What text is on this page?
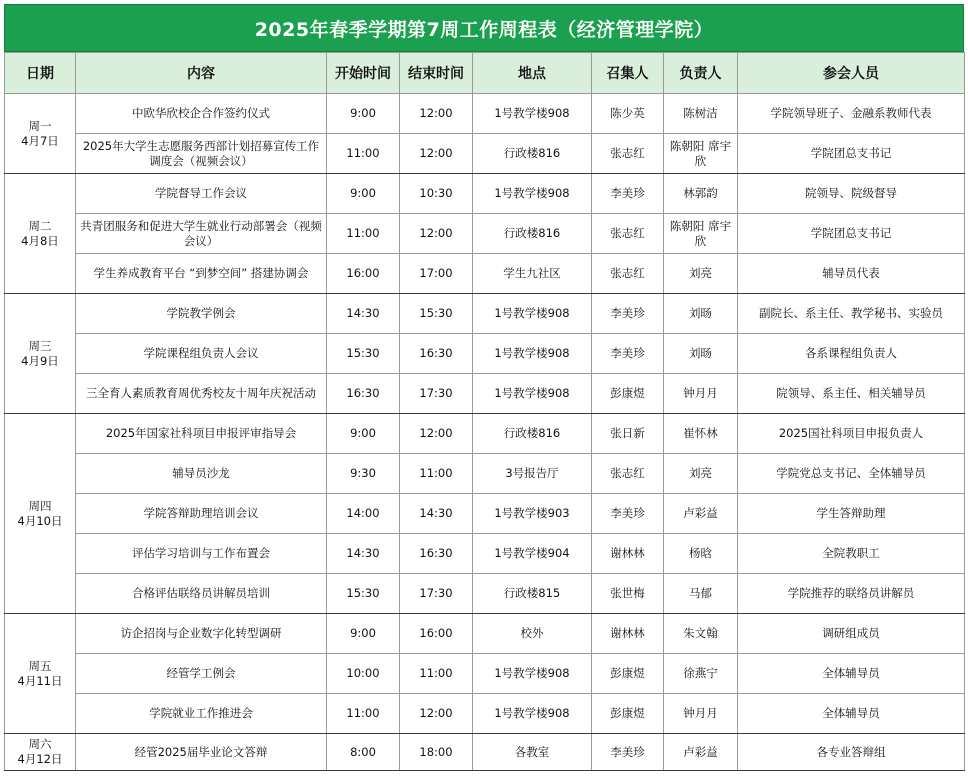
2025年春季学期第7周工作周程表（经济管理学院）
日期	内容	开始时间	结束时间	地点	召集人	负责人	参会人员

周一
4月7日	中欧华欣校企合作签约仪式	9:00	12:00	1号教学楼908	陈少英	陈树洁	学院领导班子、金融系教师代表
	2025年大学生志愿服务西部计划招募宣传工作调度会（视频会议）	11:00	12:00	行政楼816	张志红	陈朝阳 席宇欣	学院团总支书记

周二
4月8日	学院督导工作会议	9:00	10:30	1号教学楼908	李美珍	林郭韵	院领导、院级督导
	共青团服务和促进大学生就业行动部署会（视频会议）	11:00	12:00	行政楼816	张志红	陈朝阳 席宇欣	学院团总支书记
	学生养成教育平台 “到梦空间” 搭建协调会	16:00	17:00	学生九社区	张志红	刘亮	辅导员代表

周三
4月9日	学院教学例会	14:30	15:30	1号教学楼908	李美珍	刘旸	副院长、系主任、教学秘书、实验员
	学院课程组负责人会议	15:30	16:30	1号教学楼908	李美珍	刘旸	各系课程组负责人
	三全育人素质教育周优秀校友十周年庆祝活动	16:30	17:30	1号教学楼908	彭康煜	钟月月	院领导、系主任、相关辅导员

周四
4月10日	2025年国家社科项目申报评审指导会	9:00	12:00	行政楼816	张日新	崔怀林	2025国社科项目申报负责人
	辅导员沙龙	9:30	11:00	3号报告厅	张志红	刘亮	学院党总支书记、全体辅导员
	学院答辩助理培训会议	14:00	14:30	1号教学楼903	李美珍	卢彩益	学生答辩助理
	评估学习培训与工作布置会	14:30	16:30	1号教学楼904	谢林林	杨晗	全院教职工
	合格评估联络员讲解员培训	15:30	17:30	行政楼815	张世梅	马郁	学院推荐的联络员讲解员

周五
4月11日	访企招岗与企业数字化转型调研	9:00	16:00	校外	谢林林	朱文翰	调研组成员
	经管学工例会	10:00	11:00	1号教学楼908	彭康煜	徐燕宁	全体辅导员
	学院就业工作推进会	11:00	12:00	1号教学楼908	彭康煜	钟月月	全体辅导员

周六
4月12日	经管2025届毕业论文答辩	8:00	18:00	各教室	李美珍	卢彩益	各专业答辩组
